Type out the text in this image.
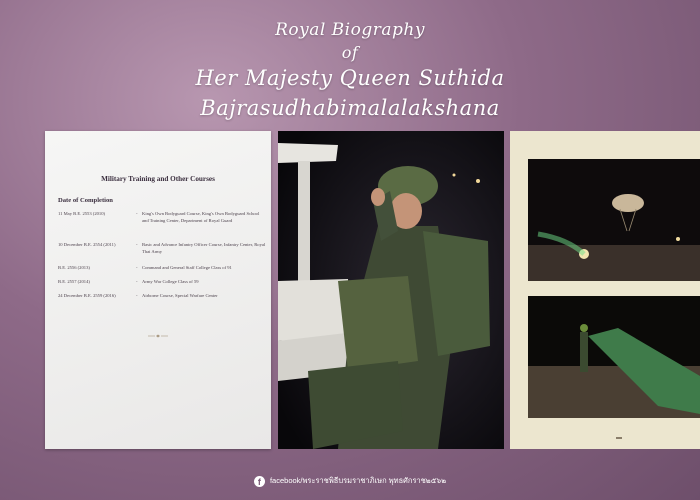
Royal Biography
of
Her Majesty Queen Suthida
Bajrasudhabimalalakshana
Military Training and Other Courses
Date of Completion
11 May B.E. 2553 (2010)	- King's Own Bodyguard Course, King's Own Bodyguard School and Training Center, Department of Royal Guard
10 December B.E. 2554 (2011)	- Basic and Advance Infantry Officer Course, Infantry Center, Royal Thai Army
B.E. 2556 (2013)	- Command and General Staff College Class of 91
B.E. 2557 (2014)	- Army War College Class of 59
24 December B.E. 2559 (2016)	- Airborne Course, Special Warfare Center
f facebook/พระราชพิธีบรมราชาภิเษก พุทธศักราช๒๕๖๒
